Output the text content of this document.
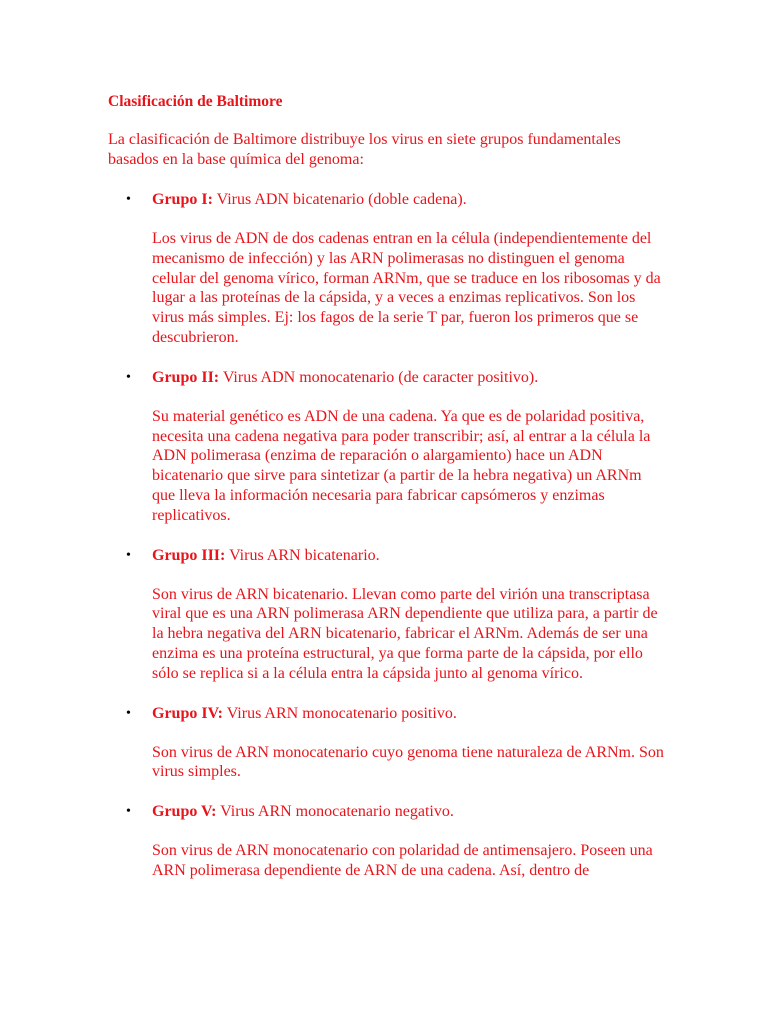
Clasificación de Baltimore

La clasificación de Baltimore distribuye los virus en siete grupos fundamentales basados en la base química del genoma:

• Grupo I: Virus ADN bicatenario (doble cadena).

Los virus de ADN de dos cadenas entran en la célula (independientemente del mecanismo de infección) y las ARN polimerasas no distinguen el genoma celular del genoma vírico, forman ARNm, que se traduce en los ribosomas y da lugar a las proteínas de la cápsida, y a veces a enzimas replicativos. Son los virus más simples. Ej: los fagos de la serie T par, fueron los primeros que se descubrieron.

• Grupo II: Virus ADN monocatenario (de caracter positivo).

Su material genético es ADN de una cadena. Ya que es de polaridad positiva, necesita una cadena negativa para poder transcribir; así, al entrar a la célula la ADN polimerasa (enzima de reparación o alargamiento) hace un ADN bicatenario que sirve para sintetizar (a partir de la hebra negativa) un ARNm que lleva la información necesaria para fabricar capsómeros y enzimas replicativos.

• Grupo III: Virus ARN bicatenario.

Son virus de ARN bicatenario. Llevan como parte del virión una transcriptasa viral que es una ARN polimerasa ARN dependiente que utiliza para, a partir de la hebra negativa del ARN bicatenario, fabricar el ARNm. Además de ser una enzima es una proteína estructural, ya que forma parte de la cápsida, por ello sólo se replica si a la célula entra la cápsida junto al genoma vírico.

• Grupo IV: Virus ARN monocatenario positivo.

Son virus de ARN monocatenario cuyo genoma tiene naturaleza de ARNm. Son virus simples.

• Grupo V: Virus ARN monocatenario negativo.

Son virus de ARN monocatenario con polaridad de antimensajero. Poseen una ARN polimerasa dependiente de ARN de una cadena. Así, dentro de
